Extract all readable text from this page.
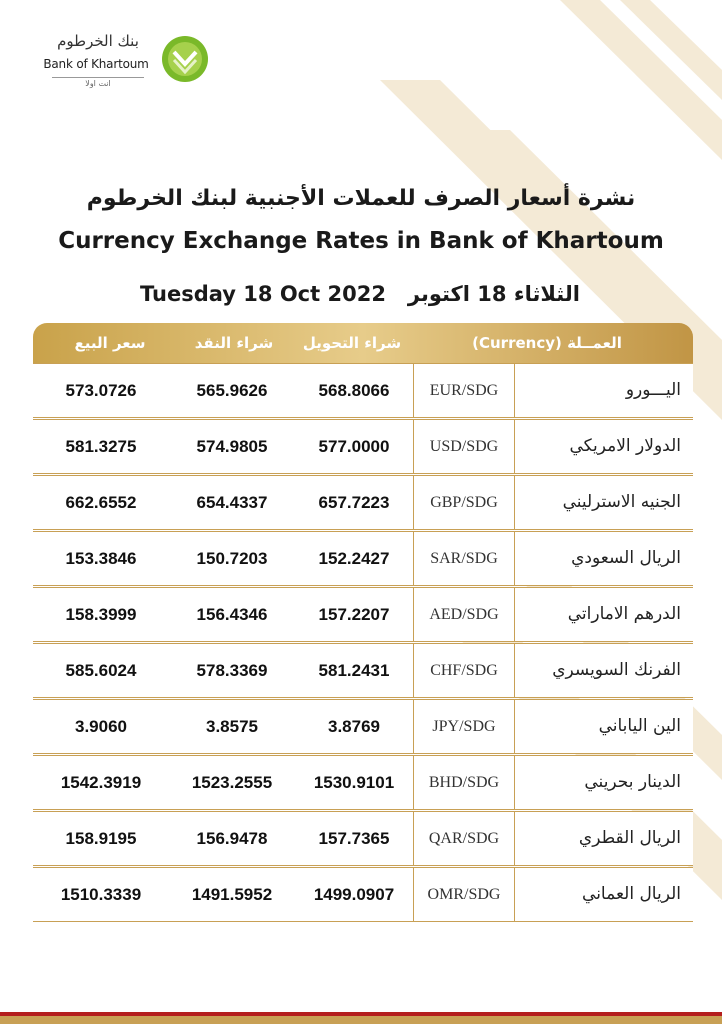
بنك الخرطوم
Bank of Khartoum
انت اولا
نشرة أسعار الصرف للعملات الأجنبية لبنك الخرطوم
Currency Exchange Rates in Bank of Khartoum
Tuesday 18 Oct 2022 الثلاثاء 18 اكتوبر
سعر البيع	شراء النقد	شراء التحويل	العمــلة (Currency)
573.0726	565.9626	568.8066	EUR/SDG	اليـــورو
581.3275	574.9805	577.0000	USD/SDG	الدولار الامريكي
662.6552	654.4337	657.7223	GBP/SDG	الجنيه الاسترليني
153.3846	150.7203	152.2427	SAR/SDG	الريال السعودي
158.3999	156.4346	157.2207	AED/SDG	الدرهم الاماراتي
585.6024	578.3369	581.2431	CHF/SDG	الفرنك السويسري
3.9060	3.8575	3.8769	JPY/SDG	الين الياباني
1542.3919	1523.2555	1530.9101	BHD/SDG	الدينار بحريني
158.9195	156.9478	157.7365	QAR/SDG	الريال القطري
1510.3339	1491.5952	1499.0907	OMR/SDG	الريال العماني
